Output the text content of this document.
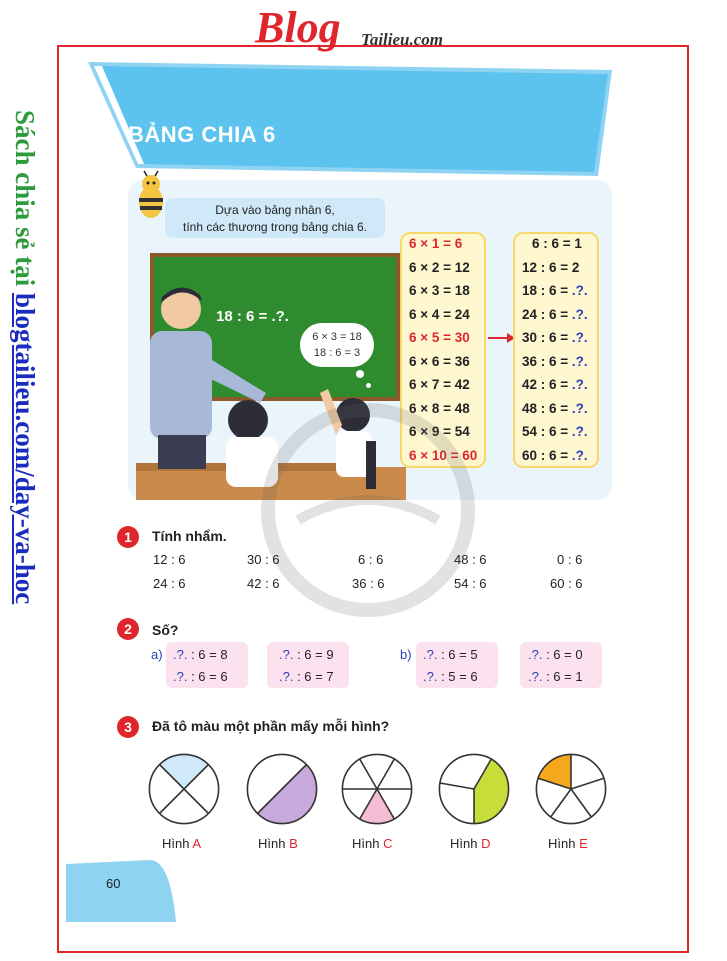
Blog Tailieu.com
Sách chia sẻ tại blogtailieu.com/day-va-hoc
BẢNG CHIA 6
Dựa vào bảng nhân 6,
tính các thương trong bảng chia 6.
18 : 6 = .?.
6 × 3 = 18
18 : 6 = 3
6 × 1 = 6
6 × 2 = 12
6 × 3 = 18
6 × 4 = 24
6 × 5 = 30
6 × 6 = 36
6 × 7 = 42
6 × 8 = 48
6 × 9 = 54
6 × 10 = 60
6 : 6 = 1
12 : 6 = 2
18 : 6 = .?.
24 : 6 = .?.
30 : 6 = .?.
36 : 6 = .?.
42 : 6 = .?.
48 : 6 = .?.
54 : 6 = .?.
60 : 6 = .?.
1	Tính nhẩm.
12 : 6	30 : 6	6 : 6	48 : 6	0 : 6
24 : 6	42 : 6	36 : 6	54 : 6	60 : 6
2	Số?
a)	b)
.?. : 6 = 8
.?. : 6 = 6
.?. : 6 = 9
.?. : 6 = 7
.?. : 6 = 5
.?. : 5 = 6
.?. : 6 = 0
.?. : 6 = 1
3	Đã tô màu một phần mấy mỗi hình?
Hình A	Hình B	Hình C	Hình D	Hình E
60
